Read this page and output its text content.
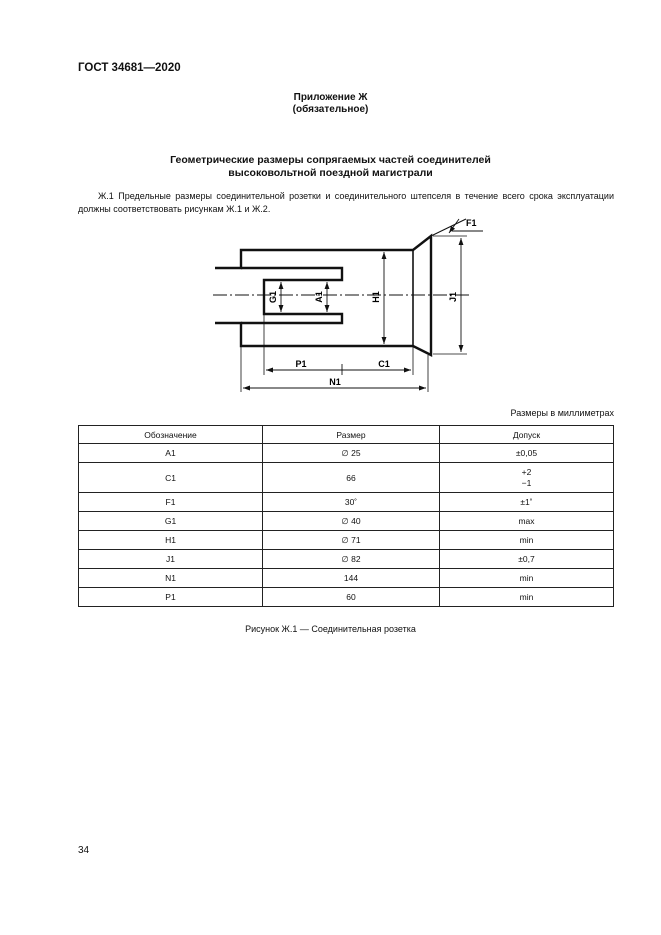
ГОСТ 34681—2020
Приложение Ж
(обязательное)
Геометрические размеры сопрягаемых частей соединителей
высоковольтной поездной магистрали
Ж.1 Предельные размеры соединительной розетки и соединительного штепселя в течение всего срока эксплуатации должны соответствовать рисункам Ж.1 и Ж.2.
F1
G1	A1	H1	J1
P1	C1
N1
Размеры в миллиметрах
Обозначение	Размер	Допуск
А1	∅ 25	±0,05
С1	66	+2
−1

F1	30˚	±1˚
G1	∅ 40	max
Н1	∅ 71	min
J1	∅ 82	±0,7
N1	144	min
Р1	60	min
Рисунок Ж.1 — Соединительная розетка
34
